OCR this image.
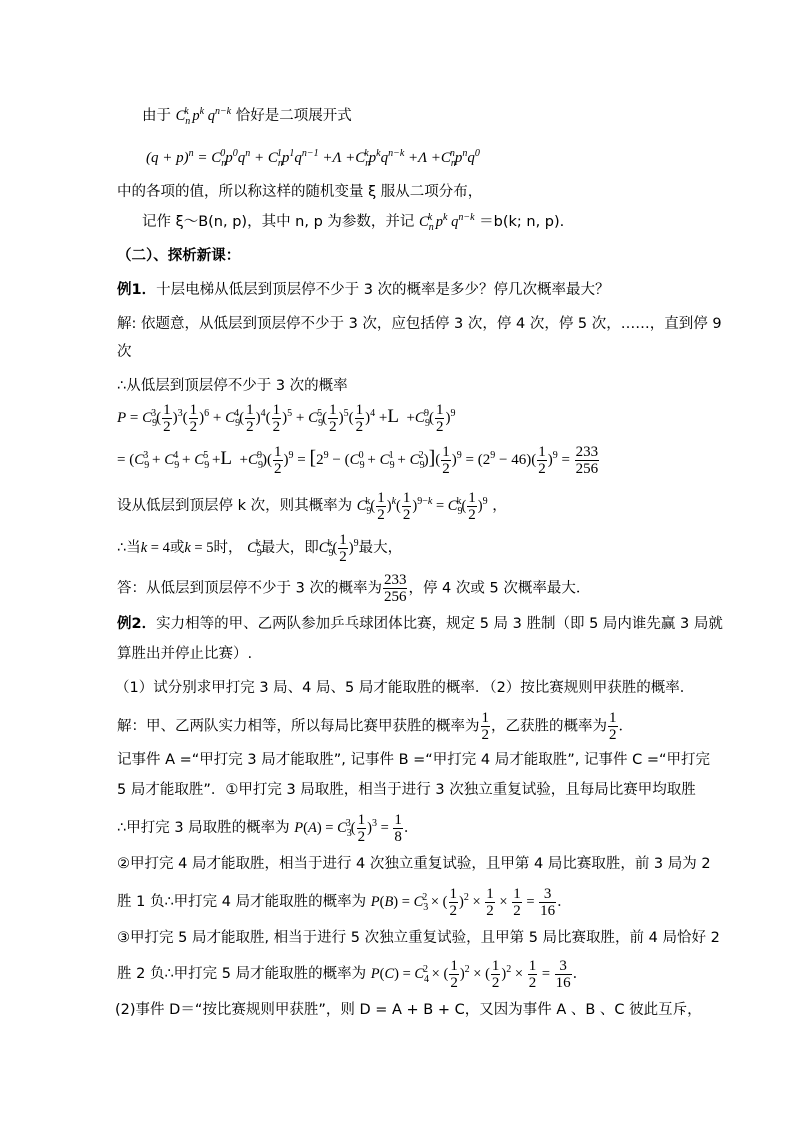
由于 $C_n^k$ $p^k$ $q^{n-k}$ 恰好是二项展开式
$(q + p)^n = C_n^0p^0q^n + C_n^1p^1q^{n-1} +\Lambda +C_n^kp^kq^{n-k} +\Lambda +C_n^np^nq^0$
中的各项的值，所以称这样的随机变量 ξ 服从二项分布，
记作 ξ～B(n, p)，其中 n, p 为参数，并记 $C_n^k$ $p^k$ $q^{n-k} =b(k$; n, p).
（二）、探析新课：
例1．十层电梯从低层到顶层停不少于 3 次的概率是多少？停几次概率最大？
解: 依题意，从低层到顶层停不少于 3 次，应包括停 3 次，停 4 次，停 5 次，……，直到停 9
次
∴从低层到顶层停不少于 3 次的概率
$P = C_9^3( \frac{1}{2} )^3( \frac{1}{2} )^6 + C_9^4( \frac{1}{2} )^4( \frac{1}{2} )^5 + C_9^5( \frac{1}{2} )^5( \frac{1}{2} )^4 +L +C_9^9( \frac{1}{2} )^9$
= $(C_9^3 + C_9^4 + C_9^5 +L +C_9^9)( \frac{1}{2} )^9 = [2^9 - (C_9^0 + C_9^1 + C_9^2)]( \frac{1}{2} )^9 = (2^9 - 46)( \frac{1}{2} )^9 = \frac{233}{256}$
设从低层到顶层停 k 次，则其概率为 $C_9^k( \frac{1}{2} )^k( \frac{1}{2} )^{9-k} = C_9^k( \frac{1}{2} )^9$ ，
∴当k = 4或k = 5时， $C_9^k$最大，即$C_9^k( \frac{1}{2} )^9$最大，
答：从低层到顶层停不少于 3 次的概率为 $\frac{233}{256}$ ，停 4 次或 5 次概率最大．
例2．实力相等的甲、乙两队参加乒乓球团体比赛，规定 5 局 3 胜制（即 5 局内谁先赢 3 局就
算胜出并停止比赛）.
（1）试分别求甲打完 3 局、4 局、5 局才能取胜的概率．（2）按比赛规则甲获胜的概率．
解：甲、乙两队实力相等，所以每局比赛甲获胜的概率为 $\frac{1}{2}$ ，乙获胜的概率为 $\frac{1}{2}$ ．
记事件 A =“甲打完 3 局才能取胜”, 记事件 B =“甲打完 4 局才能取胜”, 记事件 C =“甲打完
5 局才能取胜”．①甲打完 3 局取胜，相当于进行 3 次独立重复试验，且每局比赛甲均取胜
∴甲打完 3 局取胜的概率为 $P(A) = C_3^3( \frac{1}{2} )^3 = \frac{1}{8}$ ．
②甲打完 4 局才能取胜，相当于进行 4 次独立重复试验，且甲第 4 局比赛取胜，前 3 局为 2
胜 1 负∴甲打完 4 局才能取胜的概率为 $P(B) = C_3^2$ × ( $\frac{1}{2} )^2 \times \frac{1}{2} \times \frac{1}{2} = \frac{3}{16}$ ．
③甲打完 5 局才能取胜, 相当于进行 5 次独立重复试验，且甲第 5 局比赛取胜，前 4 局恰好 2
胜 2 负∴甲打完 5 局才能取胜的概率为 $P(C) = C_4^2$ × ( $\frac{1}{2} )^2$ × ( $\frac{1}{2} )^2 \times \frac{1}{2} = \frac{3}{16}$ ．
(2)事件 D＝“按比赛规则甲获胜”，则 D = A + B + C，又因为事件 A 、B 、C 彼此互斥，
